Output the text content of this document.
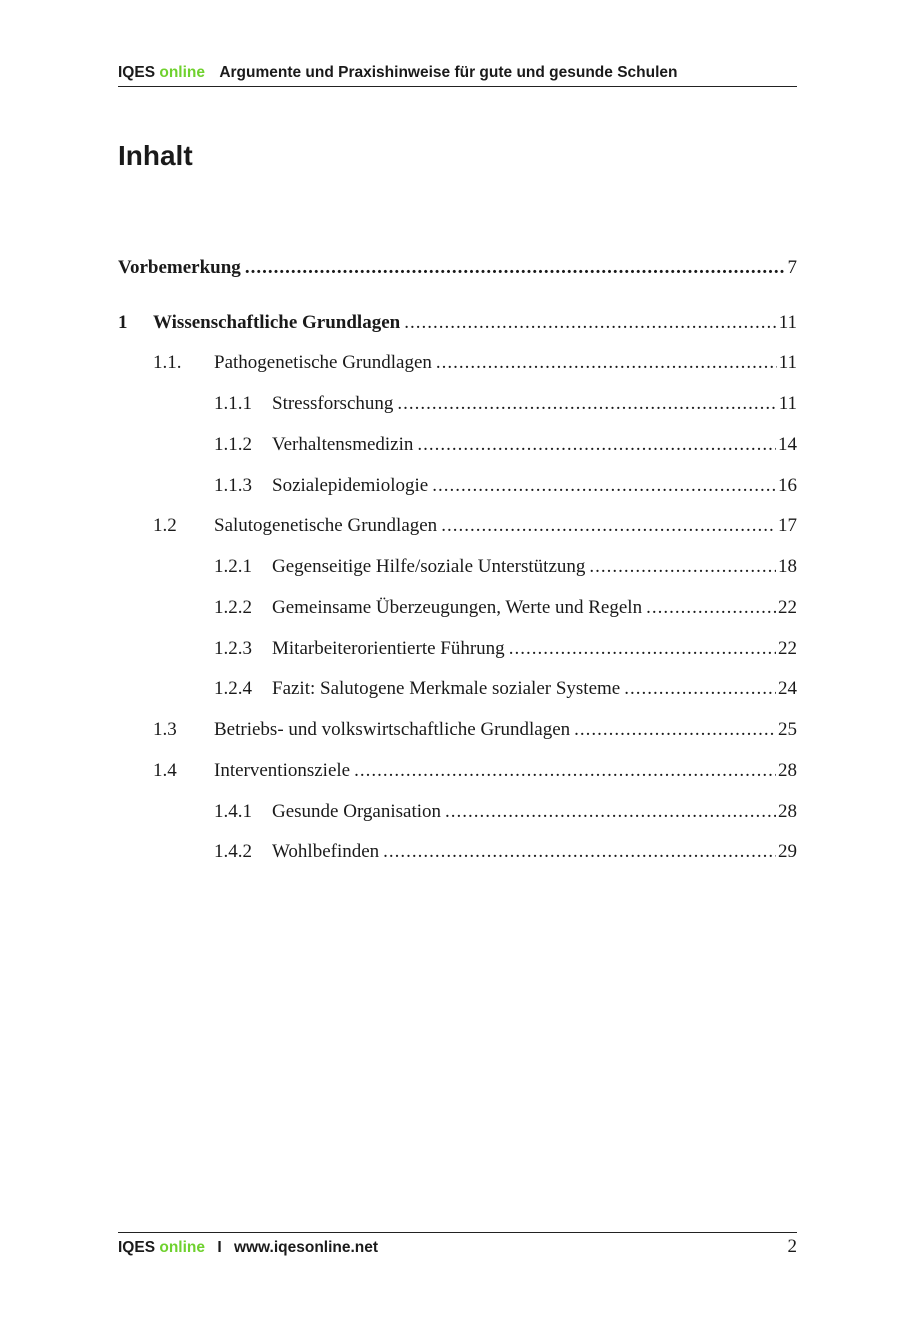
IQES online Argumente und Praxishinweise für gute und gesunde Schulen
Inhalt
Vorbemerkung .....	7
1	Wissenschaftliche Grundlagen .....	11
1.1.	Pathogenetische Grundlagen .....	11
1.1.1	Stressforschung .....	11
1.1.2	Verhaltensmedizin .....	14
1.1.3	Sozialepidemiologie .....	16
1.2	Salutogenetische Grundlagen .....	17
1.2.1	Gegenseitige Hilfe/soziale Unterstützung .....	18
1.2.2	Gemeinsame Überzeugungen, Werte und Regeln .....	22
1.2.3	Mitarbeiterorientierte Führung .....	22
1.2.4	Fazit: Salutogene Merkmale sozialer Systeme .....	24
1.3	Betriebs- und volkswirtschaftliche Grundlagen .....	25
1.4	Interventionsziele .....	28
1.4.1	Gesunde Organisation .....	28
1.4.2	Wohlbefinden .....	29
IQES online I www.iqesonline.net	2
